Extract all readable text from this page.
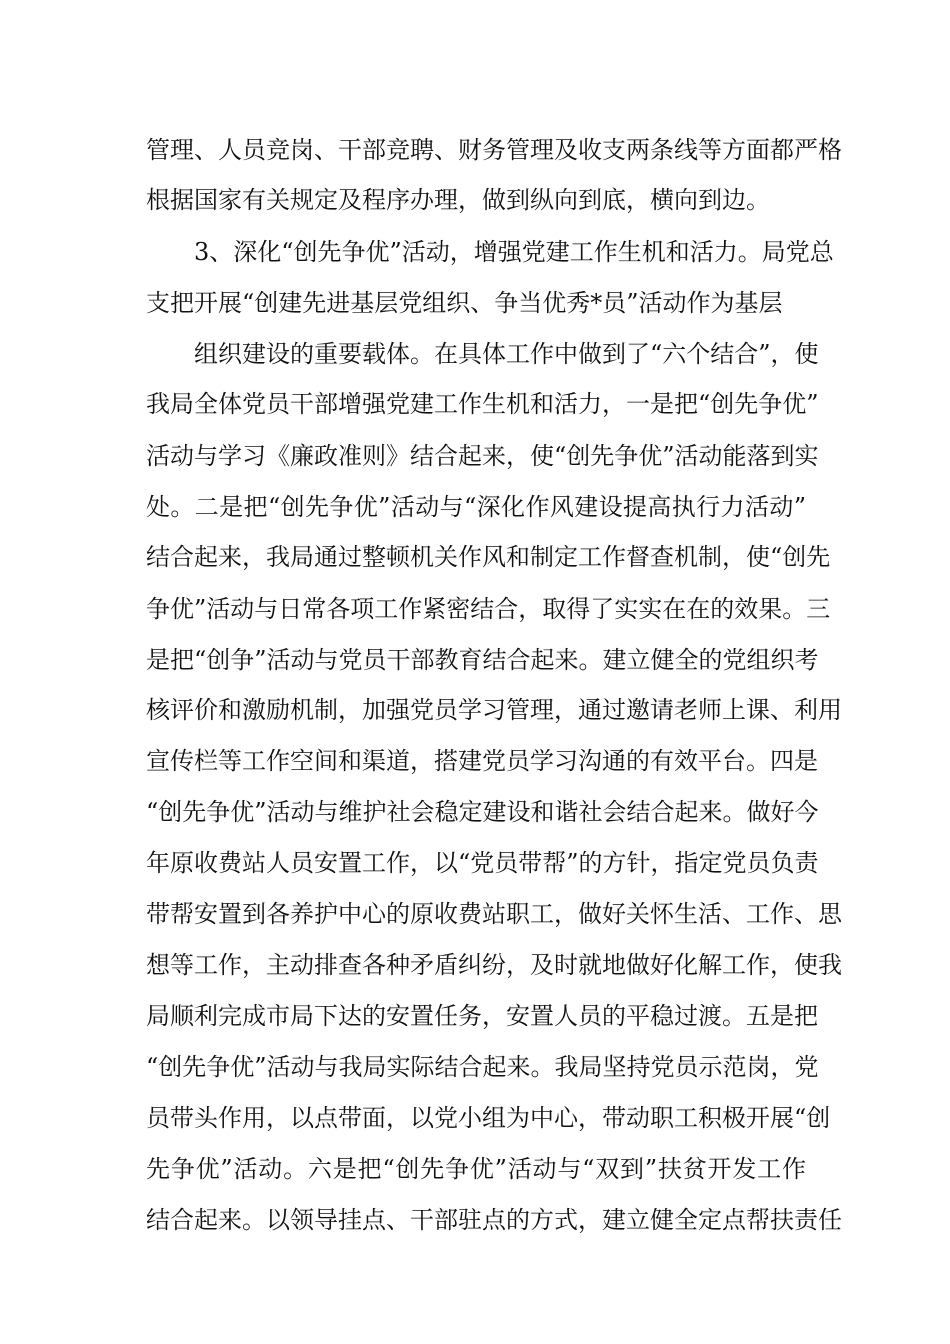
管理、人员竞岗、干部竞聘、财务管理及收支两条线等方面都严格
根据国家有关规定及程序办理，做到纵向到底，横向到边。
3、深化“创先争优”活动，增强党建工作生机和活力。局党总
支把开展“创建先进基层党组织、争当优秀*员”活动作为基层
组织建设的重要载体。在具体工作中做到了“六个结合”，使
我局全体党员干部增强党建工作生机和活力，一是把“创先争优”
活动与学习《廉政准则》结合起来，使“创先争优”活动能落到实
处。二是把“创先争优”活动与“深化作风建设提高执行力活动”
结合起来，我局通过整顿机关作风和制定工作督查机制，使“创先
争优”活动与日常各项工作紧密结合，取得了实实在在的效果。三
是把“创争”活动与党员干部教育结合起来。建立健全的党组织考
核评价和激励机制，加强党员学习管理，通过邀请老师上课、利用
宣传栏等工作空间和渠道，搭建党员学习沟通的有效平台。四是
“创先争优”活动与维护社会稳定建设和谐社会结合起来。做好今
年原收费站人员安置工作，以“党员带帮”的方针，指定党员负责
带帮安置到各养护中心的原收费站职工，做好关怀生活、工作、思
想等工作，主动排查各种矛盾纠纷，及时就地做好化解工作，使我
局顺利完成市局下达的安置任务，安置人员的平稳过渡。五是把
“创先争优”活动与我局实际结合起来。我局坚持党员示范岗，党
员带头作用，以点带面，以党小组为中心，带动职工积极开展“创
先争优”活动。六是把“创先争优”活动与“双到”扶贫开发工作
结合起来。以领导挂点、干部驻点的方式，建立健全定点帮扶责任
